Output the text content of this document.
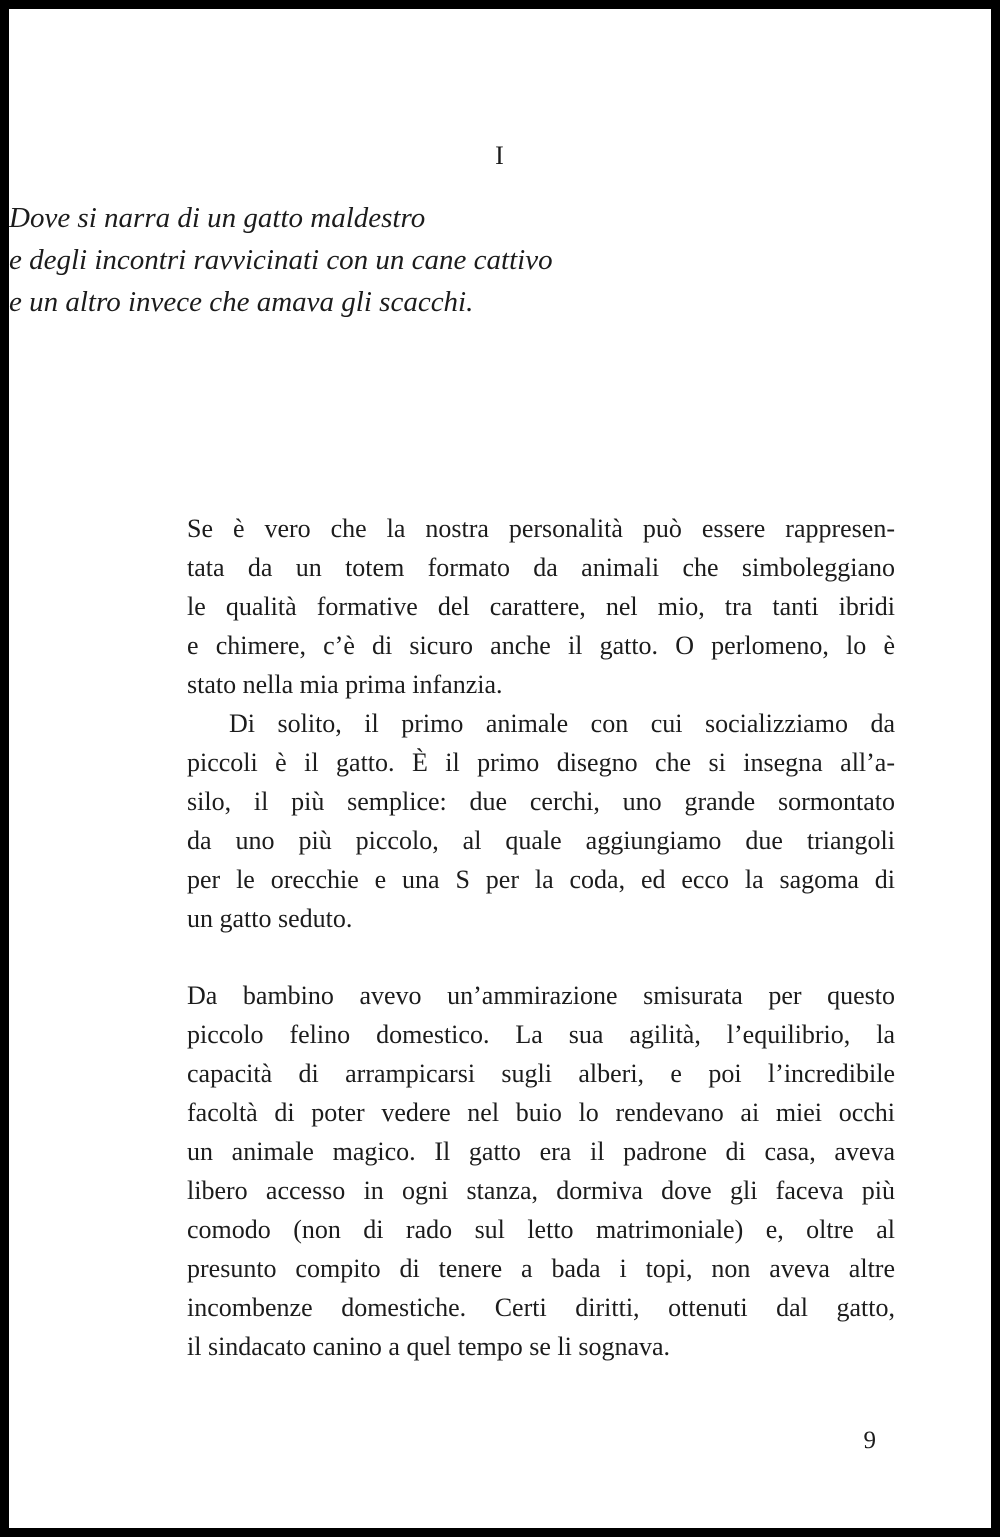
I
Dove si narra di un gatto maldestro
e degli incontri ravvicinati con un cane cattivo
e un altro invece che amava gli scacchi.
Se è vero che la nostra personalità può essere rappresen-
tata da un totem formato da animali che simboleggiano
le qualità formative del carattere, nel mio, tra tanti ibridi
e chimere, c’è di sicuro anche il gatto. O perlomeno, lo è
stato nella mia prima infanzia.
Di solito, il primo animale con cui socializziamo da
piccoli è il gatto. È il primo disegno che si insegna all’a-
silo, il più semplice: due cerchi, uno grande sormontato
da uno più piccolo, al quale aggiungiamo due triangoli
per le orecchie e una S per la coda, ed ecco la sagoma di
un gatto seduto.
Da bambino avevo un’ammirazione smisurata per questo
piccolo felino domestico. La sua agilità, l’equilibrio, la
capacità di arrampicarsi sugli alberi, e poi l’incredibile
facoltà di poter vedere nel buio lo rendevano ai miei occhi
un animale magico. Il gatto era il padrone di casa, aveva
libero accesso in ogni stanza, dormiva dove gli faceva più
comodo (non di rado sul letto matrimoniale) e, oltre al
presunto compito di tenere a bada i topi, non aveva altre
incombenze domestiche. Certi diritti, ottenuti dal gatto,
il sindacato canino a quel tempo se li sognava.
9
